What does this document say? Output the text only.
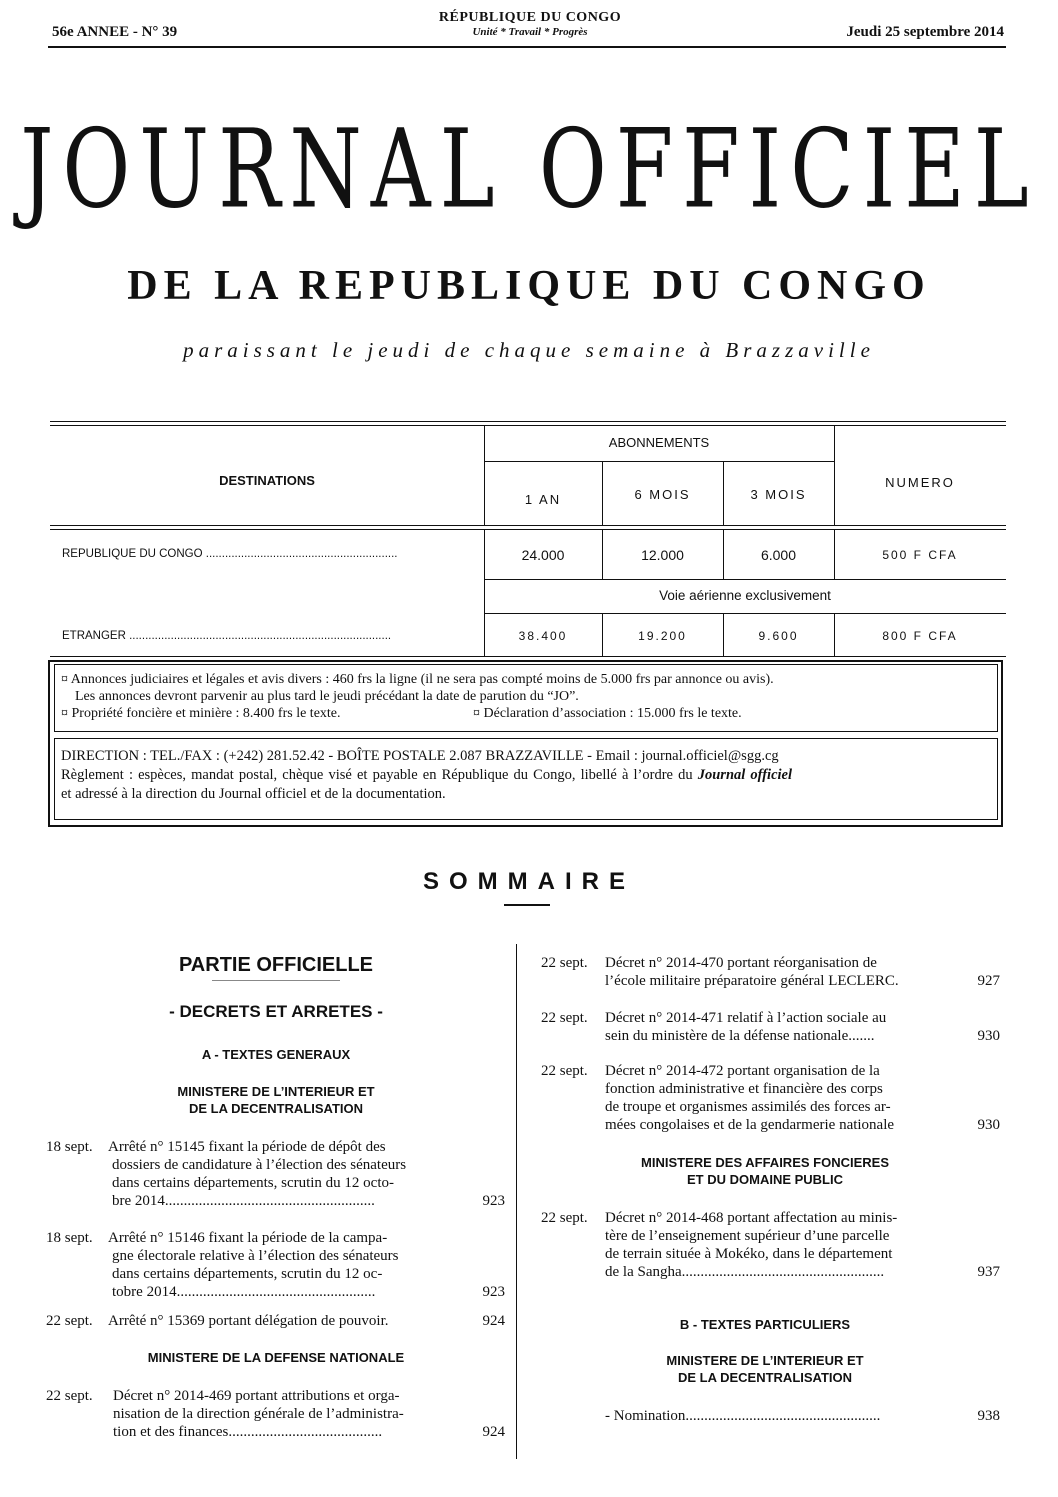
56e ANNEE - N° 39
RÉPUBLIQUE DU CONGO
Unité * Travail * Progrès	Jeudi 25 septembre 2014
JOURNAL OFFICIEL
DE LA REPUBLIQUE DU CONGO
paraissant le jeudi de chaque semaine à Brazzaville
DESTINATIONS
ABONNEMENTS
1 AN	6 MOIS	3 MOIS
NUMERO
REPUBLIQUE DU CONGO ............................................................	24.000	12.000	6.000	500 F CFA
Voie aérienne exclusivement
ETRANGER ..................................................................................	38.400	19.200	9.600	800 F CFA
¤ Annonces judiciaires et légales et avis divers : 460 frs la ligne (il ne sera pas compté moins de 5.000 frs par annonce ou avis).
Les annonces devront parvenir au plus tard le jeudi précédant la date de parution du “JO”.
¤ Propriété foncière et minière : 8.400 frs le texte.	¤ Déclaration d’association : 15.000 frs le texte.
DIRECTION : TEL./FAX : (+242) 281.52.42 - BOÎTE POSTALE 2.087 BRAZZAVILLE - Email : journal.officiel@sgg.cg
Règlement : espèces, mandat postal, chèque visé et payable en République du Congo, libellé à l’ordre du Journal officiel
et adressé à la direction du Journal officiel et de la documentation.
SOMMAIRE
PARTIE OFFICIELLE
- DECRETS ET ARRETES -
A - TEXTES GENERAUX
MINISTERE DE L’INTERIEUR ET
DE LA DECENTRALISATION
18 sept. Arrêté n° 15145 fixant la période de dépôt des
dossiers de candidature à l’élection des sénateurs
dans certains départements, scrutin du 12 octo-
bre 2014........................................................	923
18 sept. Arrêté n° 15146 fixant la période de la campa-
gne électorale relative à l’élection des sénateurs
dans certains départements, scrutin du 12 oc-
tobre 2014.....................................................	923
22 sept. Arrêté n° 15369 portant délégation de pouvoir.	924
MINISTERE DE LA DEFENSE NATIONALE
22 sept. Décret n° 2014-469 portant attributions et orga-
nisation de la direction générale de l’administra-
tion et des finances.........................................	924
22 sept. Décret n° 2014-470 portant réorganisation de
l’école militaire préparatoire général LECLERC.	927
22 sept. Décret n° 2014-471 relatif à l’action sociale au
sein du ministère de la défense nationale.......	930
22 sept. Décret n° 2014-472 portant organisation de la
fonction administrative et financière des corps
de troupe et organismes assimilés des forces ar-
mées congolaises et de la gendarmerie nationale	930
MINISTERE DES AFFAIRES FONCIERES
ET DU DOMAINE PUBLIC
22 sept. Décret n° 2014-468 portant affectation au minis-
tère de l’enseignement supérieur d’une parcelle
de terrain située à Mokéko, dans le département
de la Sangha......................................................	937
B - TEXTES PARTICULIERS
MINISTERE DE L’INTERIEUR ET
DE LA DECENTRALISATION
- Nomination....................................................	938
